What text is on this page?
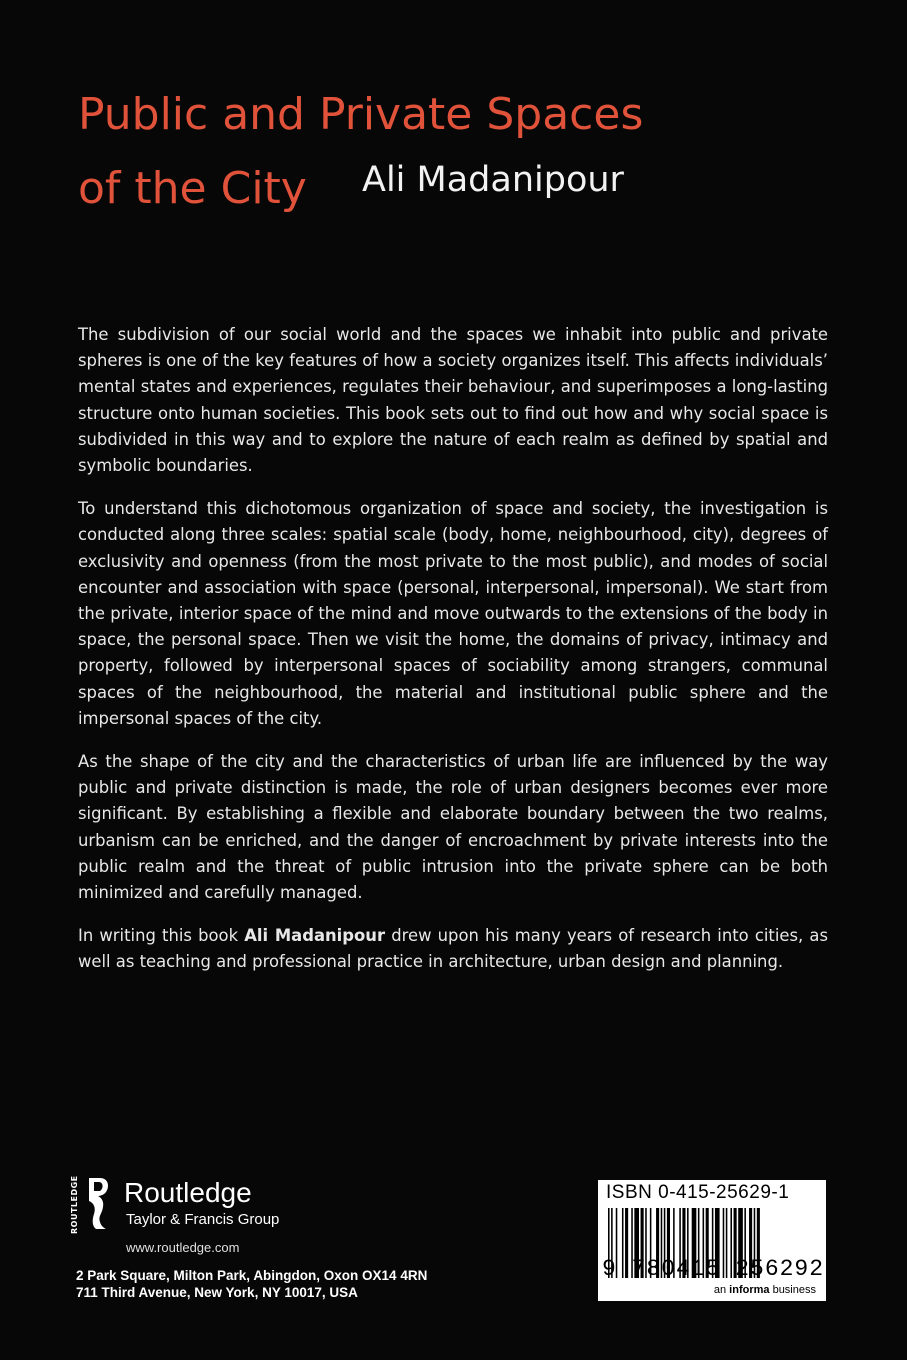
Public and Private Spaces
of the City	Ali Madanipour

The subdivision of our social world and the spaces we inhabit into public and private spheres is one of the key features of how a society organizes itself. This affects individuals’ mental states and experiences, regulates their behaviour, and superimposes a long-lasting structure onto human societies. This book sets out to find out how and why social space is subdivided in this way and to explore the nature of each realm as defined by spatial and symbolic boundaries.

To understand this dichotomous organization of space and society, the investigation is conducted along three scales: spatial scale (body, home, neighbourhood, city), degrees of exclusivity and openness (from the most private to the most public), and modes of social encounter and association with space (personal, interpersonal, impersonal). We start from the private, interior space of the mind and move outwards to the extensions of the body in space, the personal space. Then we visit the home, the domains of privacy, intimacy and property, followed by interpersonal spaces of sociability among strangers, communal spaces of the neighbourhood, the material and institutional public sphere and the impersonal spaces of the city.

As the shape of the city and the characteristics of urban life are influenced by the way public and private distinction is made, the role of urban designers becomes ever more significant. By establishing a flexible and elaborate boundary between the two realms, urbanism can be enriched, and the danger of encroachment by private interests into the public realm and the threat of public intrusion into the private sphere can be both minimized and carefully managed.

In writing this book Ali Madanipour drew upon his many years of research into cities, as well as teaching and professional practice in architecture, urban design and planning.

ROUTLEDGE	Routledge
Taylor & Francis Group
www.routledge.com
2 Park Square, Milton Park, Abingdon, Oxon OX14 4RN
711 Third Avenue, New York, NY 10017, USA
ISBN 0-415-25629-1
9 780415 256292
an informa business
